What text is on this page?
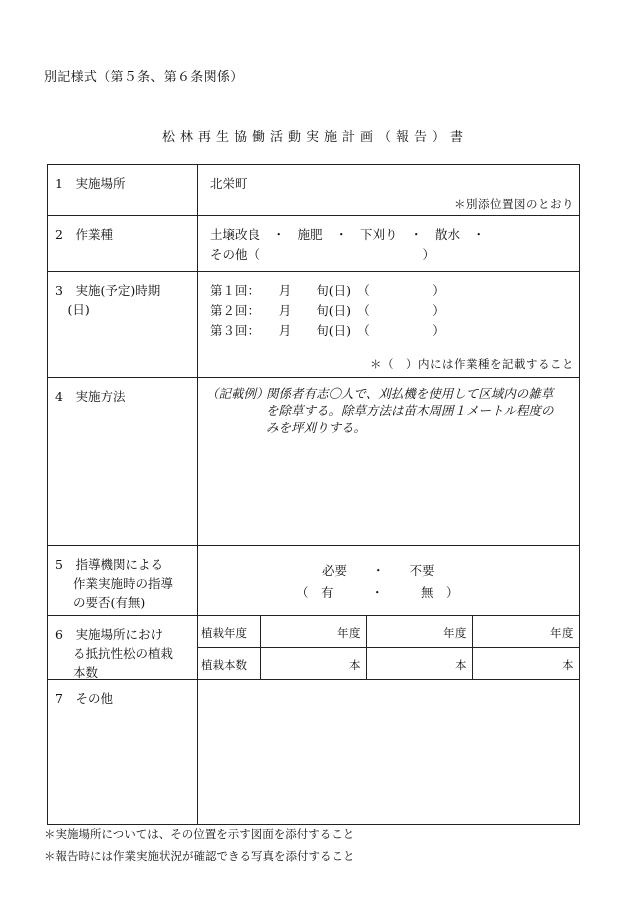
別記様式（第５条、第６条関係）
松林再生協働活動実施計画（報告）書
1　実施場所	北栄町
＊別添位置図のとおり			

2　作業種	土壌改良　・　施肥　・　下刈り　・　散水　・
その他（　　　　　　　　　　　　　）			

3　実施(予定)時期
　(日)	第１回：　　月　　旬(日)　（　　　　　）
第２回：　　月　　旬(日)　（　　　　　）
第３回：　　月　　旬(日)　（　　　　　）
＊（　）内には作業種を記載すること			

4　実施方法	（記載例）
関係者有志〇人で、刈払機を使用して区域内の雑草
を除草する。除草方法は苗木周囲１メートル程度の
みを坪刈りする。			

5　指導機関による
作業実施時の指導
の要否(有無)	必要　　・　　不要
（　有　　　・　　　無　）			

6　実施場所におけ
る抵抗性松の植栽
本数	植栽年度	年度	年度	年度

	植栽本数	本	本	本

7　その他				

＊実施場所については、その位置を示す図面を添付すること
＊報告時には作業実施状況が確認できる写真を添付すること
